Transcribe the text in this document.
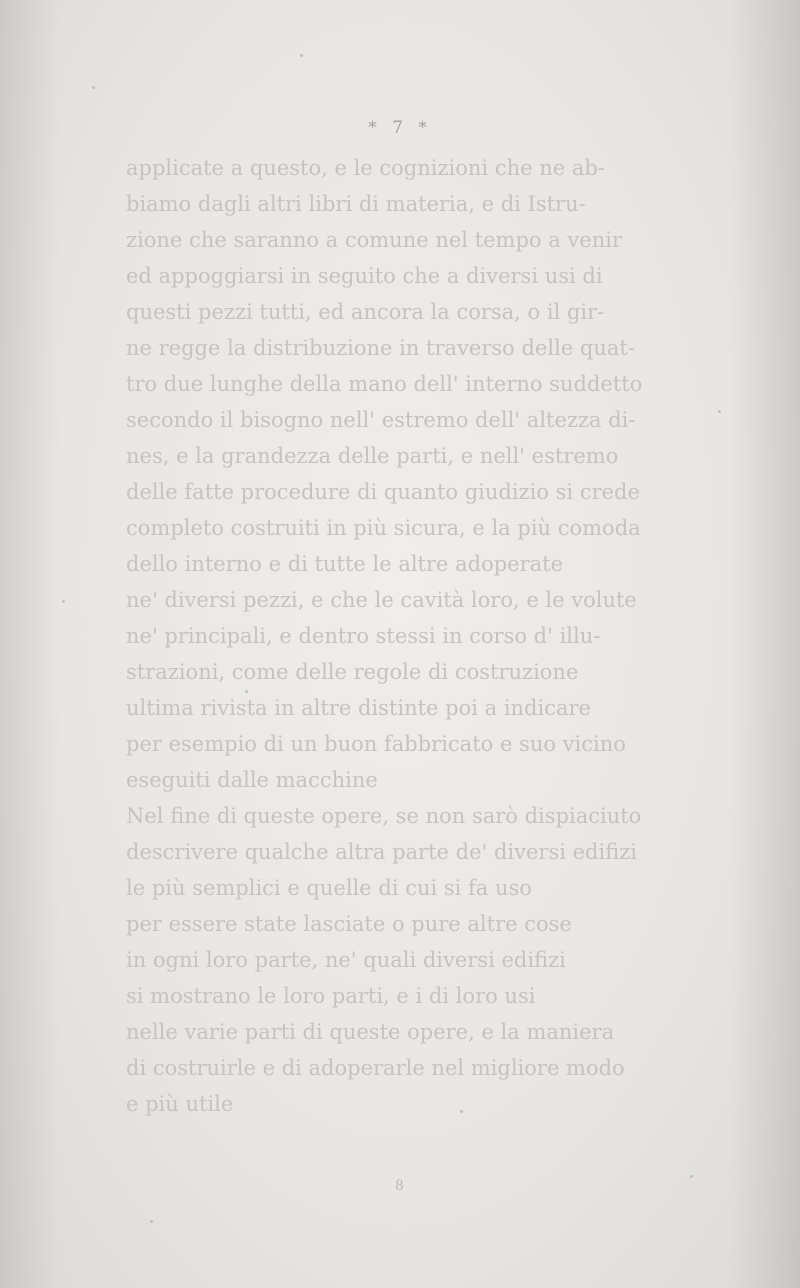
* 7 *
applicate a questo, e le cognizioni che ne ab-
biamo dagli altri libri di materia, e di Istru-
zione che saranno a comune nel tempo a venir
ed appoggiarsi in seguito che a diversi usi di
questi pezzi tutti, ed ancora la corsa, o il gir-
ne regge la distribuzione in traverso delle quat-
tro due lunghe della mano dell' interno suddetto
secondo il bisogno nell' estremo dell' altezza di-
nes, e la grandezza delle parti, e nell' estremo
delle fatte procedure di quanto giudizio si crede
completo costruiti in più sicura, e la più comoda
dello interno e di tutte le altre adoperate
ne' diversi pezzi, e che le cavità loro, e le volute
ne' principali, e dentro stessi in corso d' illu-
strazioni, come delle regole di costruzione
ultima rivista in altre distinte poi a indicare
per esempio di un buon fabbricato e suo vicino
eseguiti dalle macchine
Nel fine di queste opere, se non sarò dispiaciuto
descrivere qualche altra parte de' diversi edifizi
le più semplici e quelle di cui si fa uso
per essere state lasciate o pure altre cose
in ogni loro parte, ne' quali diversi edifizi
si mostrano le loro parti, e i di loro usi
nelle varie parti di queste opere, e la maniera
di costruirle e di adoperarle nel migliore modo
e più utile
8
